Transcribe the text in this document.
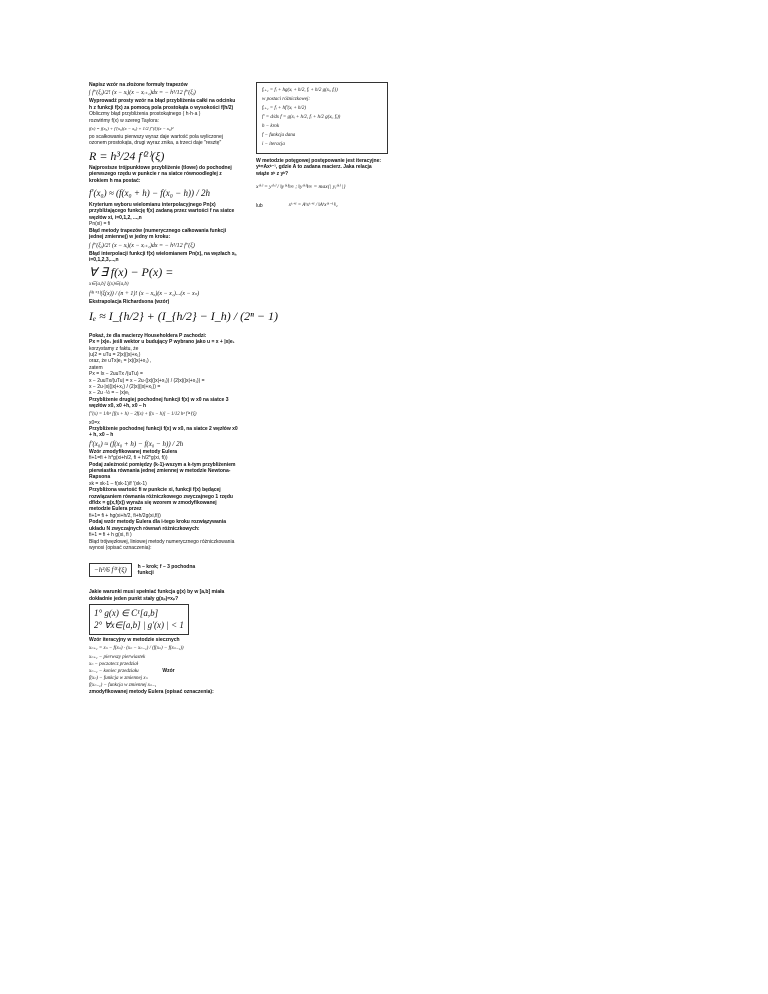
Napisz wzór na złożone formuły trapezów

∫ f″(ξᵢ)/2! (x − xᵢ)(x − xᵢ₊₁)dx = − h³/12 f″(ξᵢ)

Wyprowadź prosty wzór na błąd przybliżenia całki na odcinku h z funkcji f(x) za pomocą pola prostokąta o wysokości f(h/2)

Obliczmy błąd przybliżenia prostokątnego ( h·h·a )

rozwińmy f(x) w szereg Taylora:

f(x) = f(x₀) + f′(x₀)(x − x₀) + 1/2 f″(ξ)(x − x₀)²

po scałkowaniu pierwszy wyraz daje wartość pola wyliczonej ozonem prostokąta, drugi wyraz znika, a trzeci daje "resztę"

R = h³/24 f⁽²⁾(ξ)

Najprostsze trójpunktowe przybliżenie (tlowe) do pochodnej pierwszego rzędu w punkcie r na siatce równoodległej z krokiem h ma postać:

f′(x₀) ≈ (f(x₀ + h) − f(x₀ − h)) / 2h

Kryterium wyboru wielomianu interpolacyjnego Pn(x) przybliżającego funkcję f(x) zadaną przez wartości f na siatce węzłów xi, i=0,1,2, ...,n

Pn(xi) = fi

Błąd metody trapezów (numerycznego całkowania funkcji jednej zmiennej) w jedny m kroku:

∫ f″(ξᵢ)/2! (x − xᵢ)(x − xᵢ₊₁)dx = − h³/12 f″(ξ)

Błąd interpolacji funkcji f(x) wielomianem Pn(x), na węzłach xᵢ, i=0,1,2,3,...,n

∀ ∃ f(x) − P(x) =

x∈[a,b] ξ(x)∈(a,b)

f⁽ⁿ⁺¹⁾(ξ(x)) / (n + 1)! (x − x₀)(x − x₁)...(x − xₙ)

Ekstrapolacja Richardsona (wzór)

Iₑ ≈ I_{h/2} + (I_{h/2} − I_h) / (2ⁿ − 1)

Pokaż, że dla macierzy Householdera P zachodzi:

Px = |x|e₁ jeśli wektor u budujący P wybrano jako u = x + |x|e₁

korzystamy z faktu, że

|u|2 = uTu = 2|x|(|x|+x₁)

oraz, że uTx|e₁ = |x|(|x|+x₁) ,

zatem

Px = Ix − 2uuTx /(uTu) =

x − 2uuTx/(uTu) = x − 2u·(|x|(|x|+x₁)) / (2|x|(|x|+x₁)) =

x − 2u·|x|(|x|+x₁) / (2|x|(|x|+x₁)) =

x − 2u ·½ = − |x|e₁

Przybliżenie drugiej pochodnej funkcji f(x) w x0 na siatce 3 węzłów x0, x0 +h, x0 – h

f″(x) = 1/h² [f(x + h) − 2f(x) + f(x − h)] − 1/12 h² f⁽⁴⁾(ξ)

x0=x

Przybliżenie pochodnej funkcji f(x) w x0, na siatce 2 węzłów x0 + h, x0 – h

f′(x₀) ≈ (f(x₀ + h) − f(x₀ − h)) / 2h

Wzór zmodyfikowanej metody Eulera

fi+1=fi + h*g(xi+h/2, fi + h/2*g(xi, fi))

Podaj zależność pomiędzy (k-1)-wszym a k-tym przybliżeniem pierwiastka równania jednej zmiennej w metodzie Newtona-Rapsona

xk = xk-1 – f(xk-1)/f '(xk-1)

Przybliżona wartość fi w punkcie xi, funkcji f(x) będącej rozwiązaniem równania różniczkowego zwyczajnego 1 rzędu df/dx = g(x,f(x)) wyraża się wzorem w zmodyfikowanej metodzie Eulera przez

fi+1= fi + hg(xi+h/2, fi+h/2g(xi,fi))

Podaj wzór metody Eulera dla i-tego kroku rozwiązywania układu N zwyczajnych równań różniczkowych:

fi+1 = fi + h g(xi, fi )

Błąd trójwęzłowej, liniowej metody numerycznego różniczkowania wynosi (opisać oznaczenia):

−h²/6 f⁽³⁾(ξ)	h – krok; f – 3 pochodna funkcji

Jakie warunki musi spełniać funkcja g(x) by w [a,b] miała dokładnie jeden punkt stały g(xₚ)=xₚ?

1° g(x) ∈ C¹[a,b]

2° ∀x∈[a,b] | g′(x) | < 1

Wzór iteracyjny w metodzie siecznych

xₙ₊₁ = xₙ − f(xₙ) · (xₙ − xₙ₋₁) / (f(xₙ) − f(xₙ₋₁))

xₙ₊₁ − pierwszy pierwiastek

xₙ − poczatecz przedział

xₙ₋₁ − koniec przedziału

f(xₙ) − funkcja w zmiennej xₙ

f(xₙ₋₁) − funkcja w zmiennej xₙ₋₁

Wzór

zmodyfikowanej metody Eulera (opisać oznaczenia):

fᵢ₊₁ = fᵢ + hg(xᵢ + h/2, fᵢ + h/2 g(xᵢ, fᵢ))

w postaci różniczkowej:

fᵢ₊₁ = fᵢ + hf′(xᵢ + h/2)

f′ = d/dx f = g(xᵢ + h/2, fᵢ + h/2 g(xᵢ, fᵢ))

h − krok

f − funkcja dana

i − iteracja

W metodzie potęgowej postępowanie jest iteracyjne: yᵏ=Axᵏ⁻¹, gdzie A to zadana macierz. Jaka relacja wiąże xᵏ z yᵏ?

x⁽ᵏ⁾ = y⁽ᵏ⁾ / ‖y⁽ᵏ⁾‖∞ ; ‖y⁽ᵏ⁾‖∞ = max{| yⱼ⁽ᵏ⁾ |}

lub	xᵏ⁺¹ = Aᵏxᵏ⁺¹ / ‖Aᵏx⁽ᵏ⁻¹⁾‖₂
